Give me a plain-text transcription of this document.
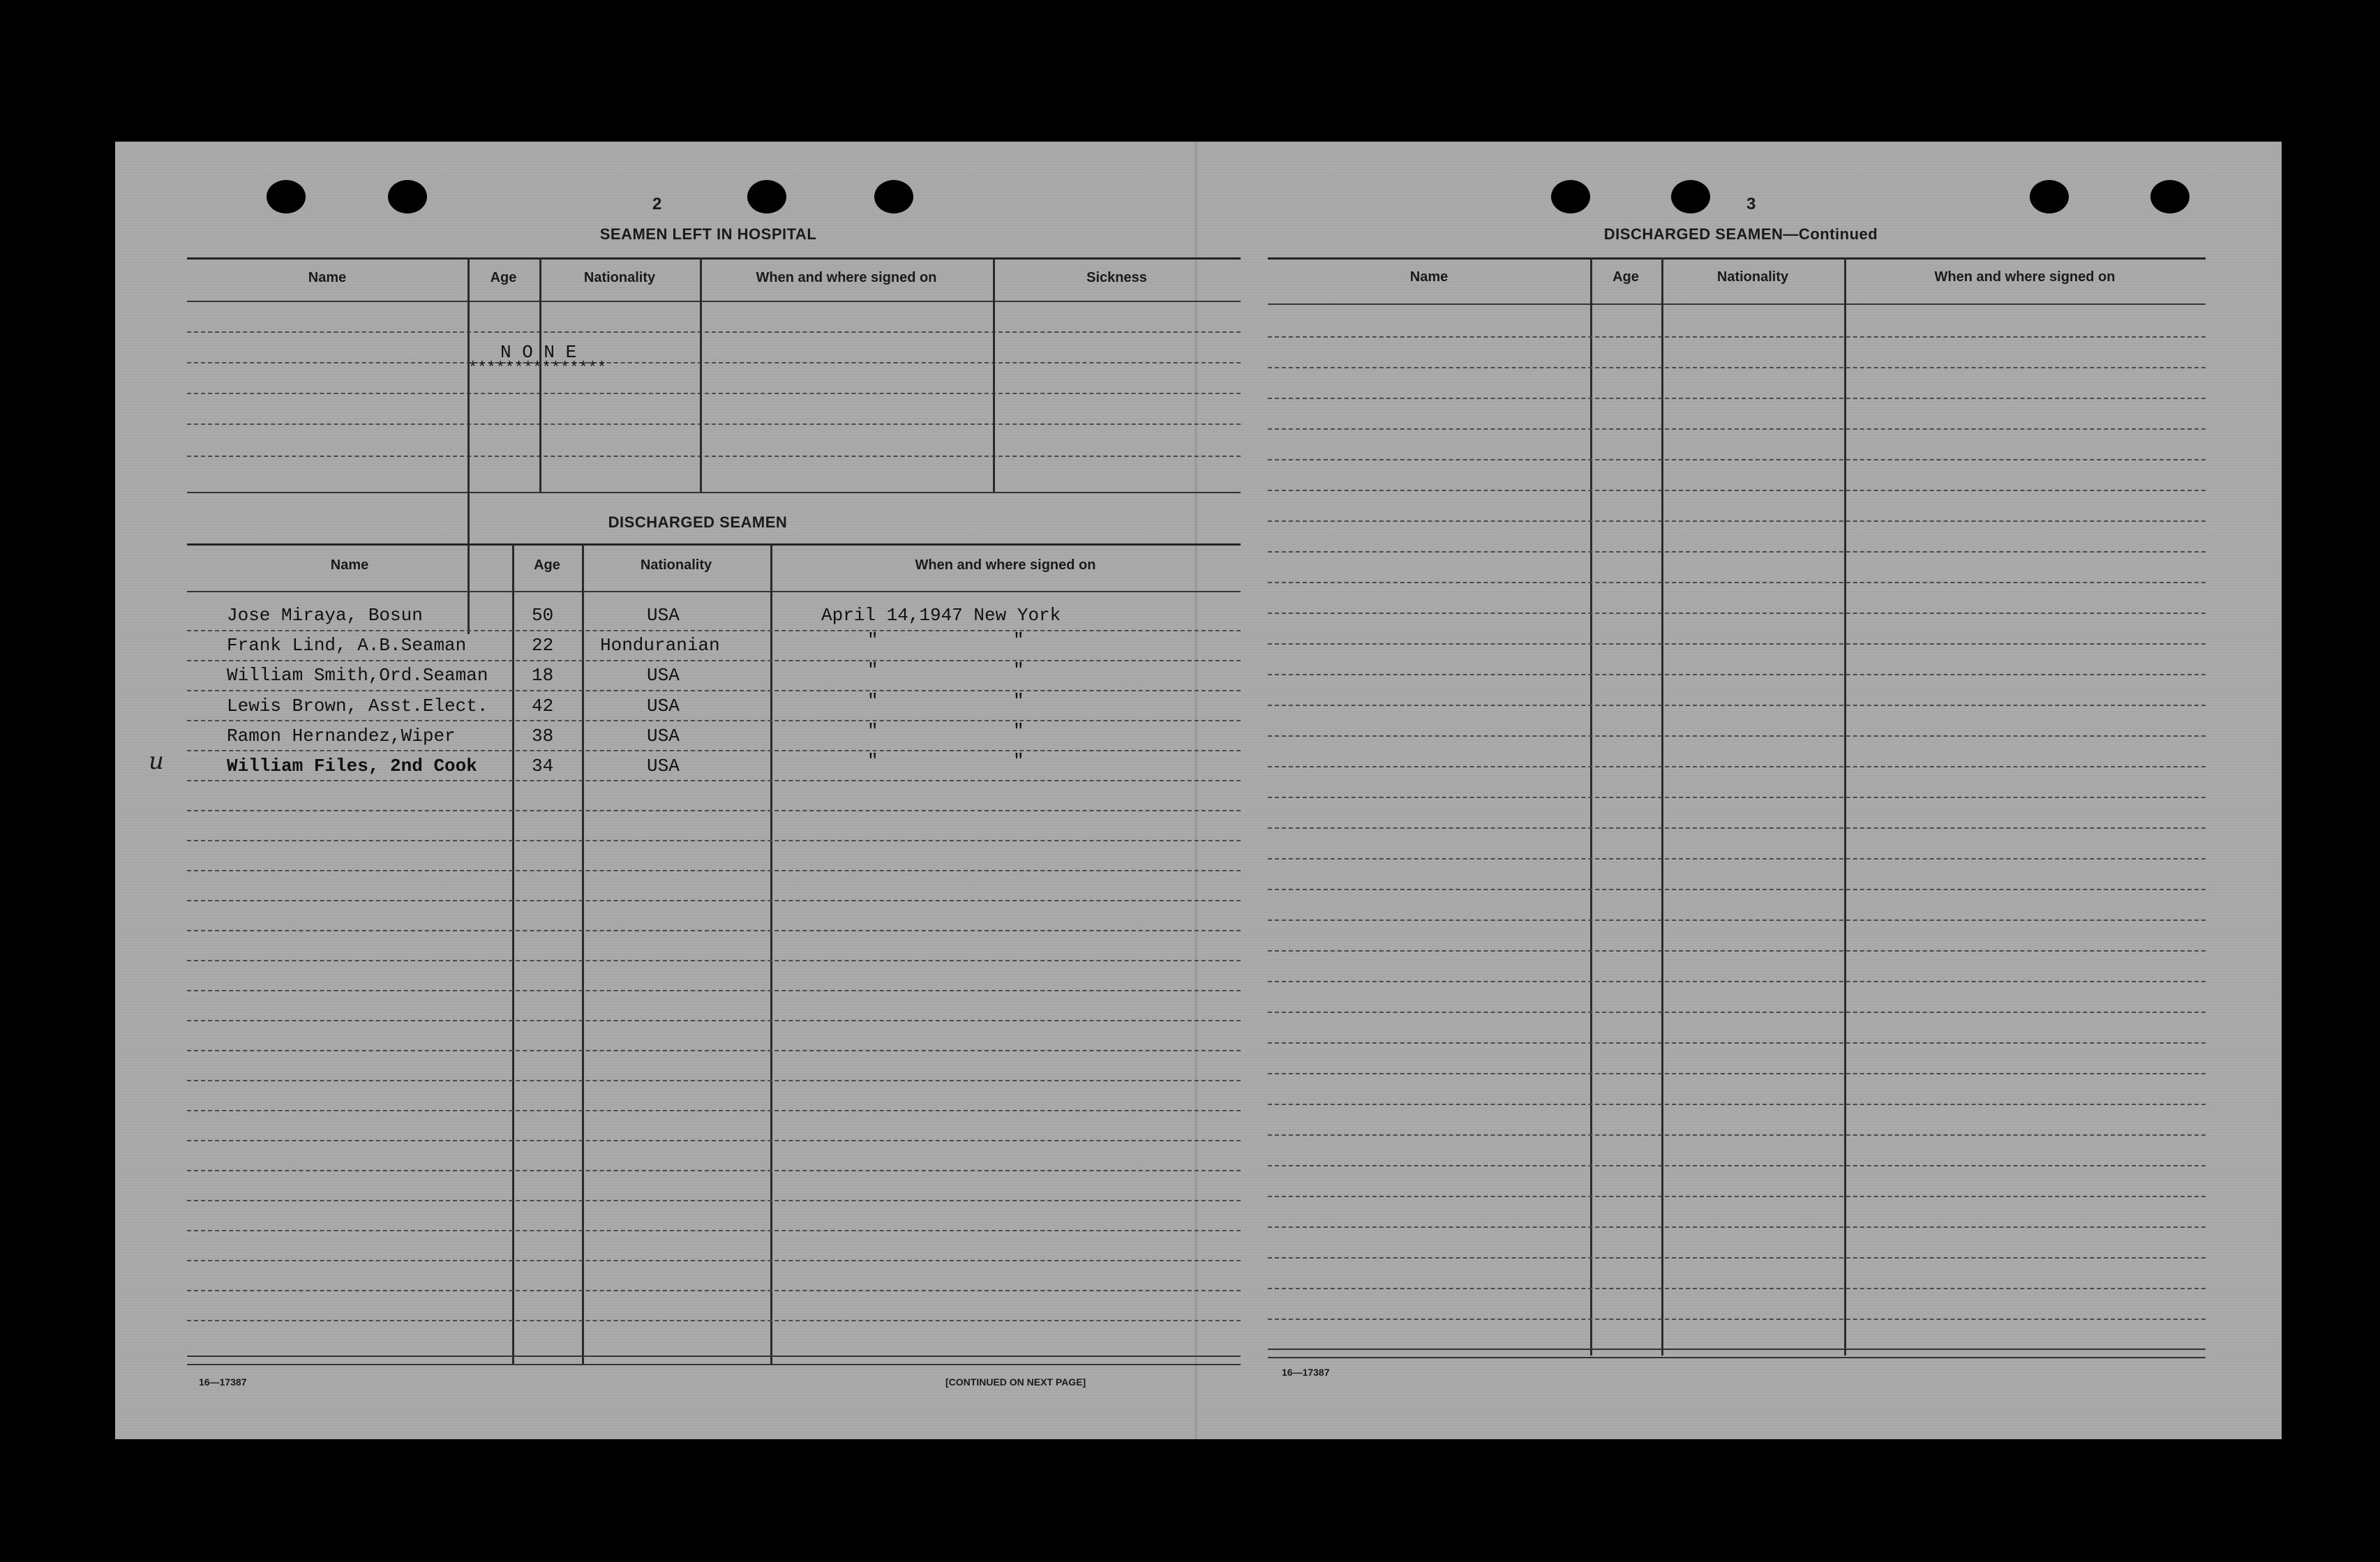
2
SEAMEN LEFT IN HOSPITAL
Name	Age	Nationality	When and where signed on	Sickness
N O N E
***************
DISCHARGED SEAMEN
Name	Age	Nationality	When and where signed on
Jose Miraya, Bosun	50	USA	April 14,1947 New York
Frank Lind, A.B.Seaman	22	Honduranian	"	"
William Smith,Ord.Seaman 18	USA	"	"
Lewis Brown, Asst.Elect. 42	USA	"	"
Ramon Hernandez,Wiper	38	USA	"	"
William Files, 2nd Cook	34	USA	"	"
u
16—17387	[CONTINUED ON NEXT PAGE]
3
DISCHARGED SEAMEN—Continued
Name	Age	Nationality	When and where signed on
16—17387
